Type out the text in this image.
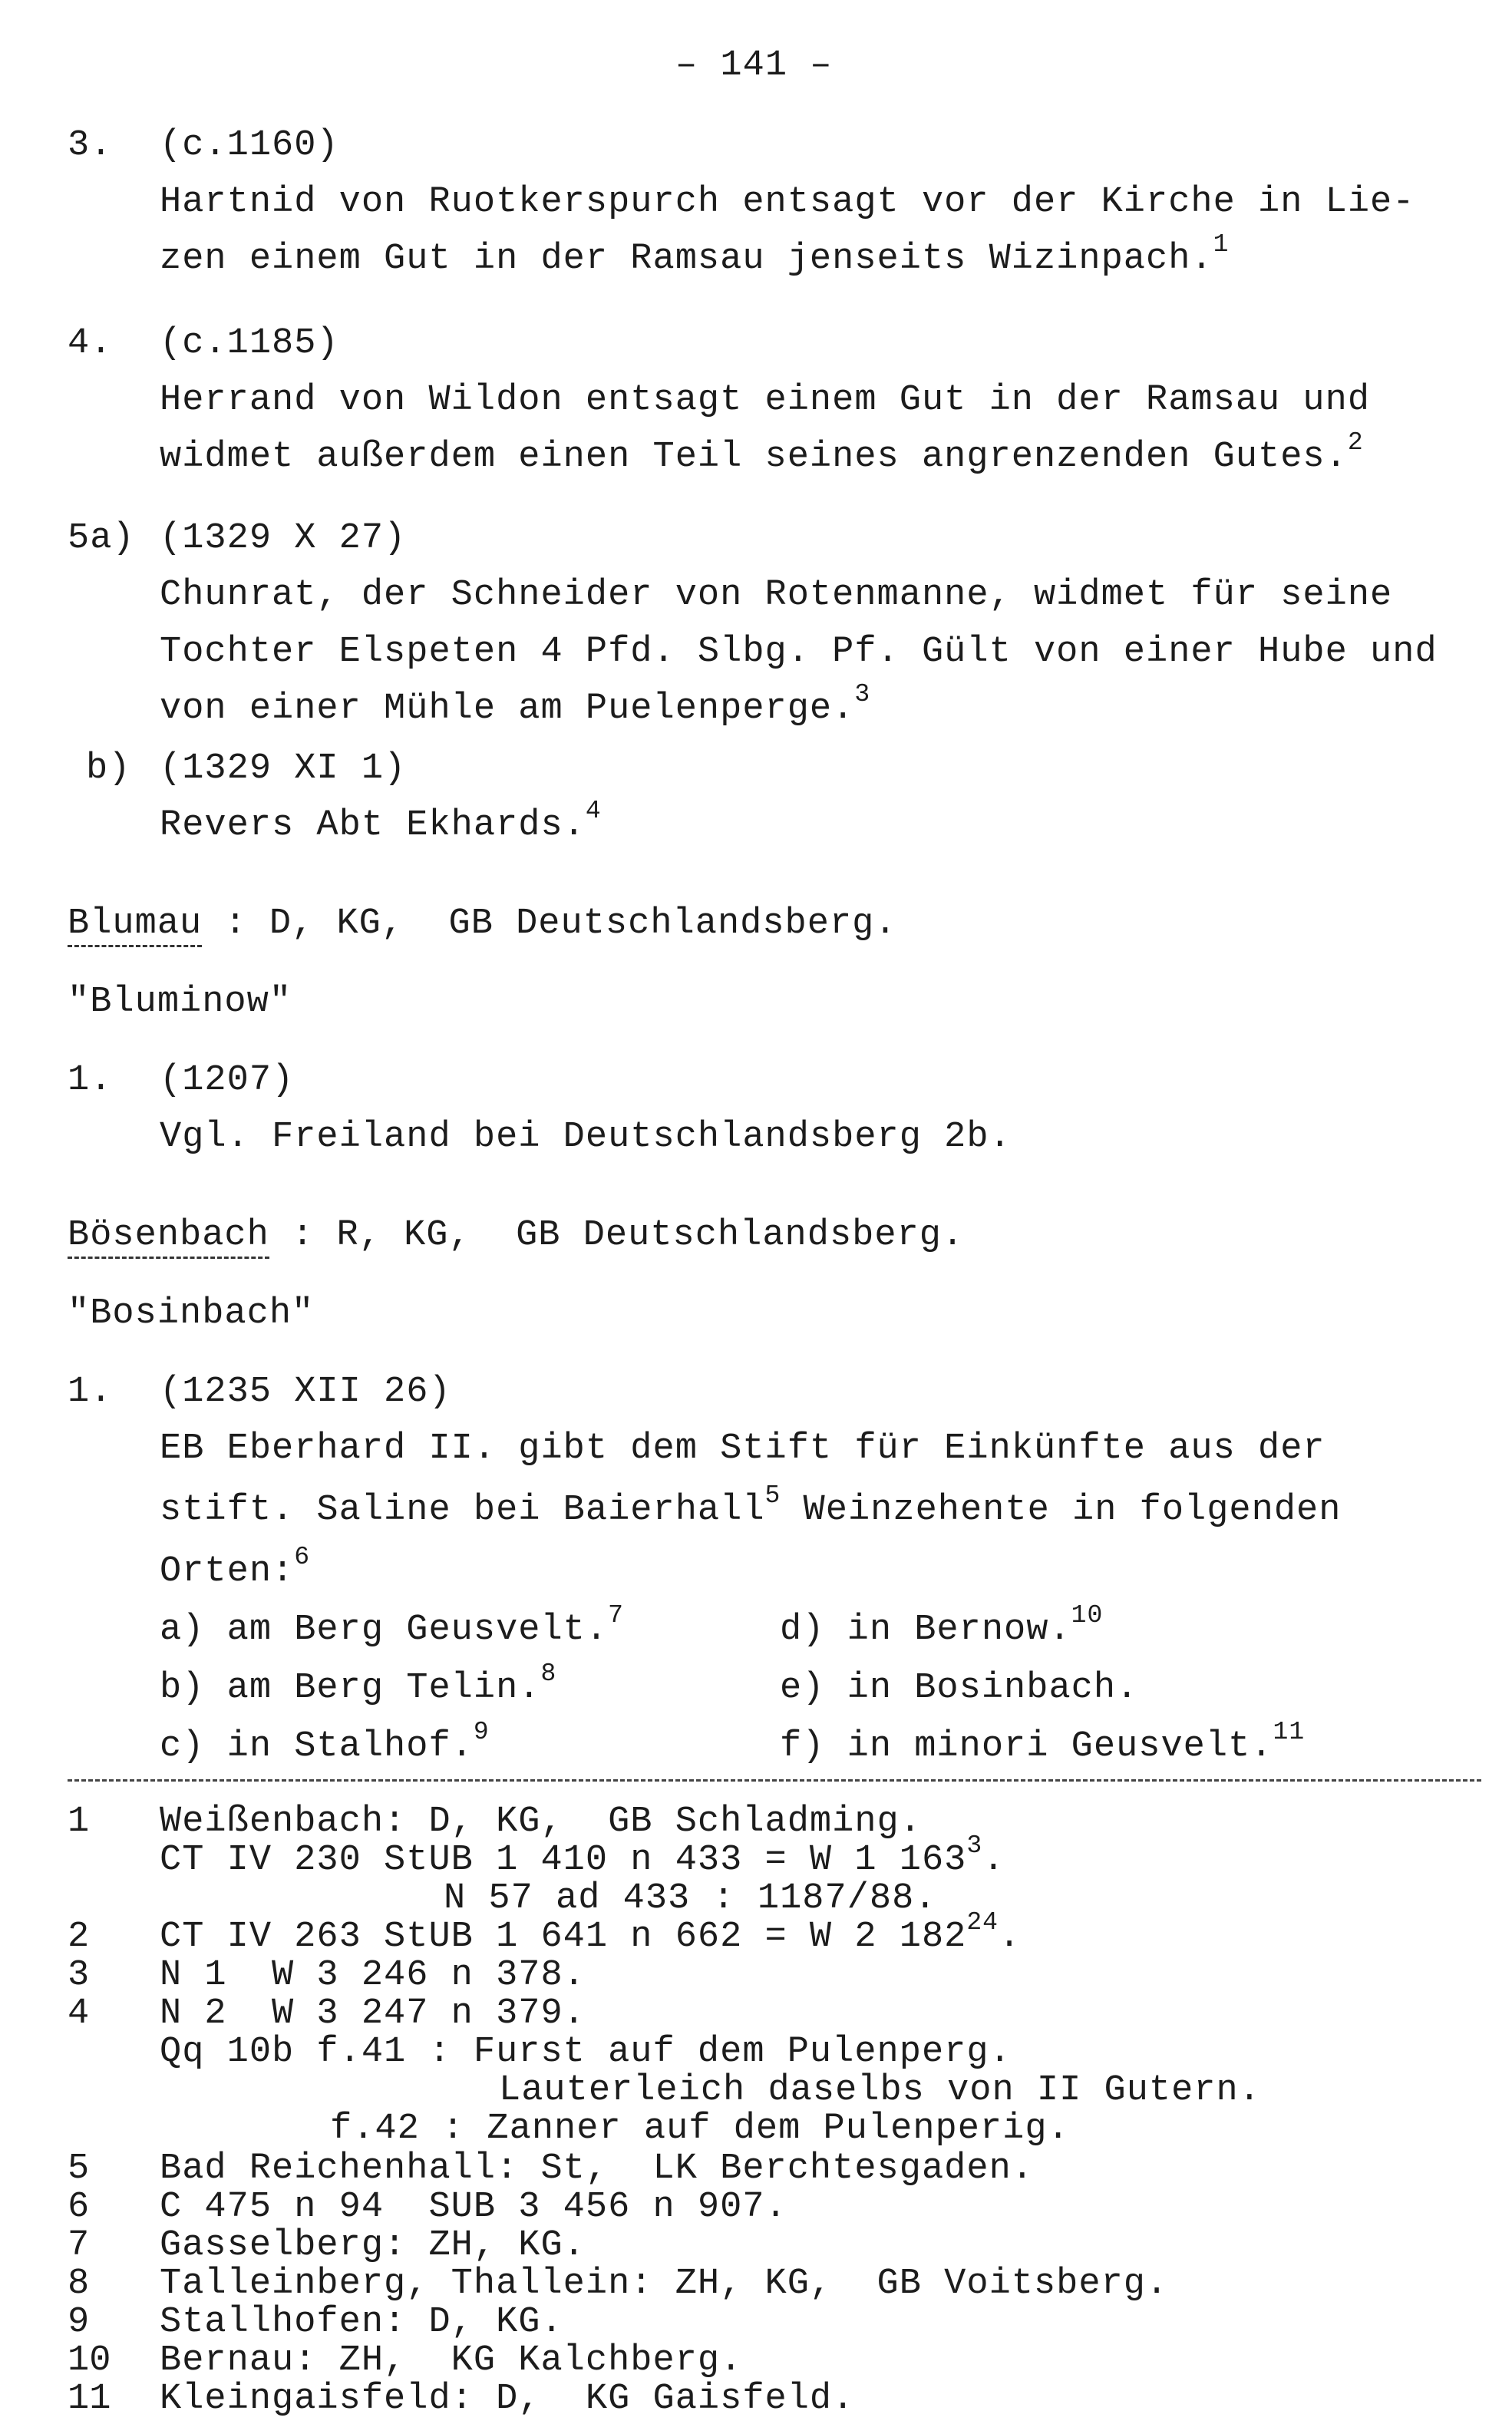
– 141 –
3. (c.1160)
Hartnid von Ruotkerspurch entsagt vor der Kirche in Lie-
zen einem Gut in der Ramsau jenseits Wizinpach.$^1$
4. (c.1185)
Herrand von Wildon entsagt einem Gut in der Ramsau und
widmet außerdem einen Teil seines angrenzenden Gutes.$^2$
5a) (1329 X 27)
Chunrat, der Schneider von Rotenmanne, widmet für seine
Tochter Elspeten 4 Pfd. Slbg. Pf. Gült von einer Hube und
von einer Mühle am Puelenperge.$^3$
b) (1329 XI 1)
Revers Abt Ekhards.$^4$
Blumau : D, KG,  GB Deutschlandsberg.
"Bluminow"
1. (1207)
Vgl. Freiland bei Deutschlandsberg 2b.
Bösenbach : R, KG,  GB Deutschlandsberg.
"Bosinbach"
1. (1235 XII 26)
EB Eberhard II. gibt dem Stift für Einkünfte aus der
stift. Saline bei Baierhall$^5$ Weinzehente in folgenden
Orten:$^6$
a) am Berg Geusvelt.$^7$
b) am Berg Telin.$^8$
c) in Stalhof.$^9$
d) in Bernow.$^{10}$
e) in Bosinbach.
f) in minori Geusvelt.$^{11}$
1 Weißenbach: D, KG,  GB Schladming.
CT IV 230 StUB 1 410 n 433 = W 1 $163^3$.
N 57 ad 433 : 1187/88.
2 CT IV 263 StUB 1 641 n 662 = W 2 $182^{24}$.
3 N 1  W 3 246 n 378.
4 N 2  W 3 247 n 379.
Qq 10b f.41 : Furst auf dem Pulenperg.
Lauterleich daselbs von II Gutern.
f.42 : Zanner auf dem Pulenperig.
5 Bad Reichenhall: St,  LK Berchtesgaden.
6 C 475 n 94  SUB 3 456 n 907.
7 Gasselberg: ZH, KG.
8 Talleinberg, Thallein: ZH, KG,  GB Voitsberg.
9 Stallhofen: D, KG.
10 Bernau: ZH,  KG Kalchberg.
11 Kleingaisfeld: D,  KG Gaisfeld.
